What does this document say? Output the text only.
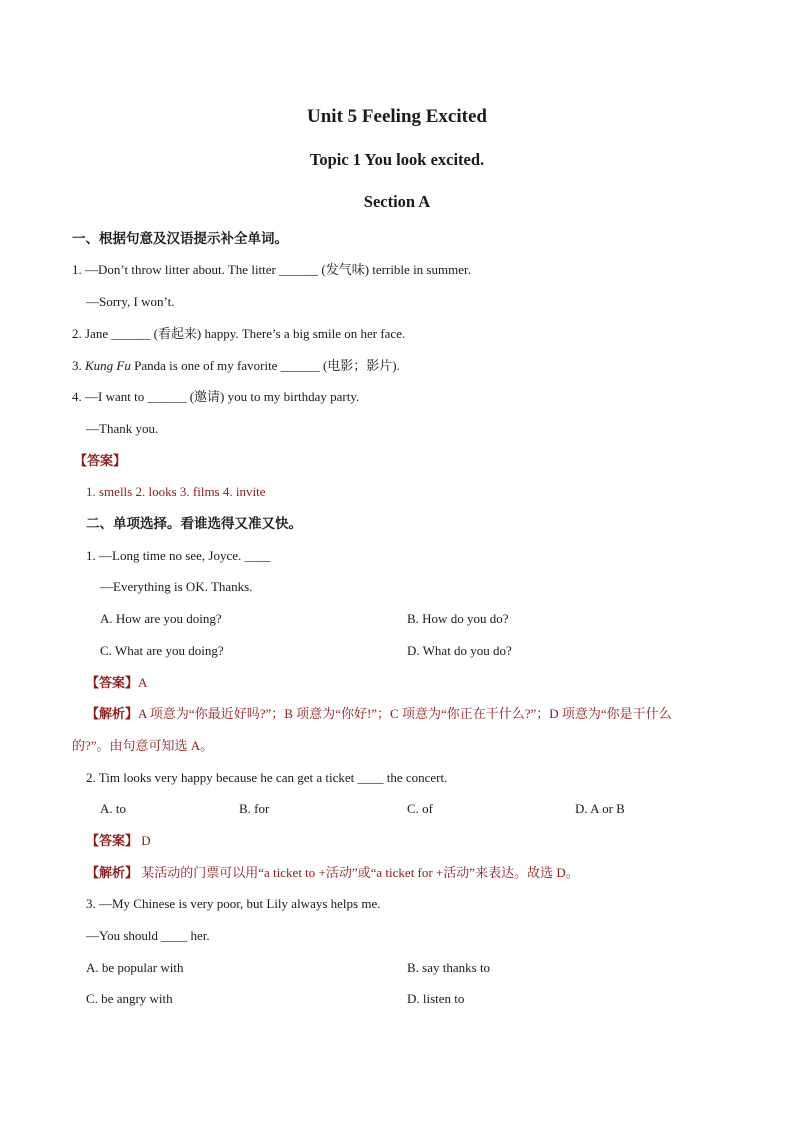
Unit 5 Feeling Excited
Topic 1 You look excited.
Section A
一、根据句意及汉语提示补全单词。
1. —Don’t throw litter about. The litter ______ (发气味) terrible in summer.
—Sorry, I won’t.
2. Jane ______ (看起来) happy. There’s a big smile on her face.
3. Kung Fu Panda is one of my favorite ______ (电影；影片).
4. —I want to ______ (邀请) you to my birthday party.
—Thank you.
【答案】
1. smells 2. looks 3. films 4. invite
二、单项选择。看谁选得又准又快。
1. —Long time no see, Joyce. ____
—Everything is OK. Thanks.
A. How are you doing?	B. How do you do?
C. What are you doing?	D. What do you do?
【答案】A
【解析】A 项意为“你最近好吗?”；B 项意为“你好!”；C 项意为“你正在干什么?”；D 项意为“你是干什么
的?”。由句意可知选 A。
2. Tim looks very happy because he can get a ticket ____ the concert.
A. to	B. for	C. of	D. A or B
【答案】 D
【解析】 某活动的门票可以用“a ticket to +活动”或“a ticket for +活动”来表达。故选 D。
3. —My Chinese is very poor, but Lily always helps me.
—You should ____ her.
A. be popular with	B. say thanks to
C. be angry with	D. listen to
